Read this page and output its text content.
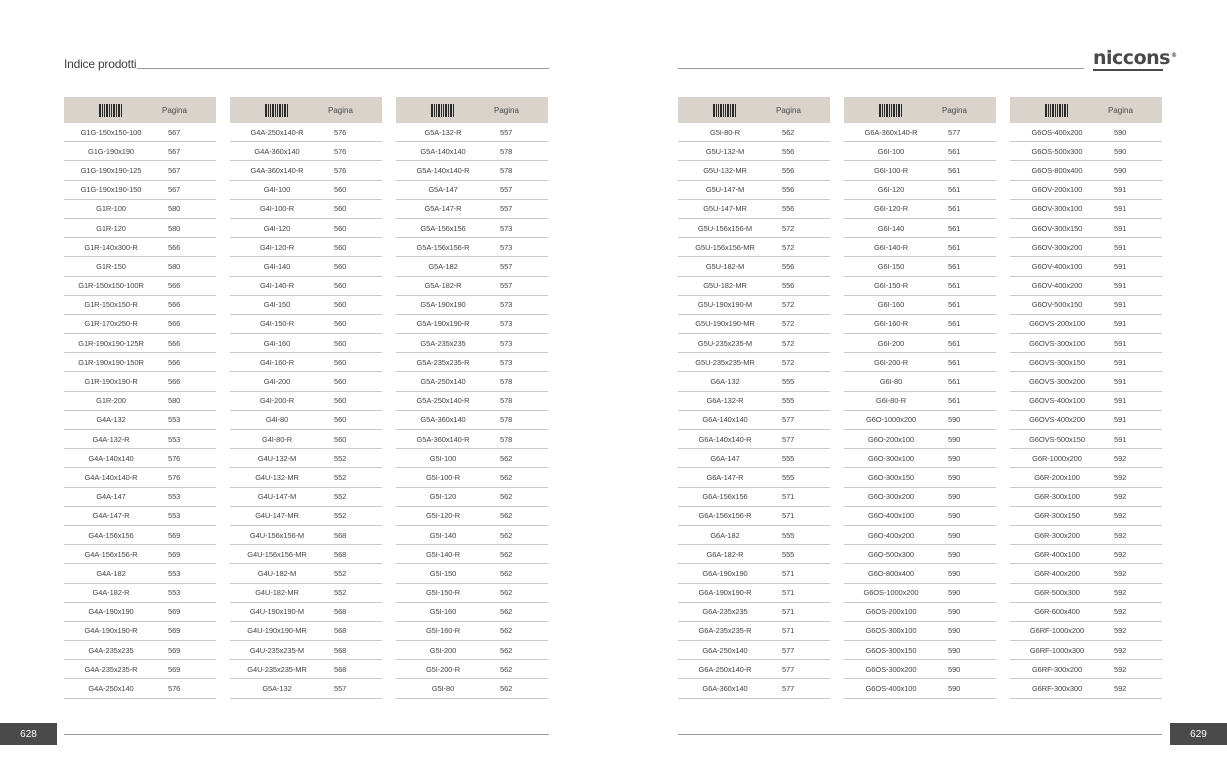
Indice prodotti	niccons®
Pagina
G1G-150x150-100	567
G1G-190x190	567
G1G-190x190-125	567
G1G-190x190-150	567
G1R-100	580
G1R-120	580
G1R-140x300-R	566
G1R-150	580
G1R-150x150-100R	566
G1R-150x150-R	566
G1R-170x250-R	566
G1R-190x190-125R	566
G1R-190x190-150R	566
G1R-190x190-R	566
G1R-200	580
G4A-132	553
G4A-132-R	553
G4A-140x140	576
G4A-140x140-R	576
G4A-147	553
G4A-147-R	553
G4A-156x156	569
G4A-156x156-R	569
G4A-182	553
G4A-182-R	553
G4A-190x190	569
G4A-190x190-R	569
G4A-235x235	569
G4A-235x235-R	569
G4A-250x140	576
Pagina
G4A-250x140-R	576
G4A-360x140	576
G4A-360x140-R	576
G4I-100	560
G4I-100-R	560
G4I-120	560
G4I-120-R	560
G4I-140	560
G4I-140-R	560
G4I-150	560
G4I-150-R	560
G4I-160	560
G4I-160-R	560
G4I-200	560
G4I-200-R	560
G4I-80	560
G4I-80-R	560
G4U-132-M	552
G4U-132-MR	552
G4U-147-M	552
G4U-147-MR	552
G4U-156x156-M	568
G4U-156x156-MR	568
G4U-182-M	552
G4U-182-MR	552
G4U-190x190-M	568
G4U-190x190-MR	568
G4U-235x235-M	568
G4U-235x235-MR	568
G5A-132	557
Pagina
G5A-132-R	557
G5A-140x140	578
G5A-140x140-R	578
G5A-147	557
G5A-147-R	557
G5A-156x156	573
G5A-156x156-R	573
G5A-182	557
G5A-182-R	557
G5A-190x190	573
G5A-190x190-R	573
G5A-235x235	573
G5A-235x235-R	573
G5A-250x140	578
G5A-250x140-R	578
G5A-360x140	578
G5A-360x140-R	578
G5I-100	562
G5I-100-R	562
G5I-120	562
G5I-120-R	562
G5I-140	562
G5I-140-R	562
G5I-150	562
G5I-150-R	562
G5I-160	562
G5I-160-R	562
G5I-200	562
G5I-200-R	562
G5I-80	562
Pagina
G5I-80-R	562
G5U-132-M	556
G5U-132-MR	556
G5U-147-M	556
G5U-147-MR	556
G5U-156x156-M	572
G5U-156x156-MR	572
G5U-182-M	556
G5U-182-MR	556
G5U-190x190-M	572
G5U-190x190-MR	572
G5U-235x235-M	572
G5U-235x235-MR	572
G6A-132	555
G6A-132-R	555
G6A-140x140	577
G6A-140x140-R	577
G6A-147	555
G6A-147-R	555
G6A-156x156	571
G6A-156x156-R	571
G6A-182	555
G6A-182-R	555
G6A-190x190	571
G6A-190x190-R	571
G6A-235x235	571
G6A-235x235-R	571
G6A-250x140	577
G6A-250x140-R	577
G6A-360x140	577
Pagina
G6A-360x140-R	577
G6I-100	561
G6I-100-R	561
G6I-120	561
G6I-120-R	561
G6I-140	561
G6I-140-R	561
G6I-150	561
G6I-150-R	561
G6I-160	561
G6I-160-R	561
G6I-200	561
G6I-200-R	561
G6I-80	561
G6I-80-R	561
G6O-1000x200	590
G6O-200x100	590
G6O-300x100	590
G6O-300x150	590
G6O-300x200	590
G6O-400x100	590
G6O-400x200	590
G6O-500x300	590
G6O-800x400	590
G6OS-1000x200	590
G6OS-200x100	590
G6OS-300x100	590
G6OS-300x150	590
G6OS-300x200	590
G6OS-400x100	590
Pagina
G6OS-400x200	590
G6OS-500x300	590
G6OS-800x400	590
G6OV-200x100	591
G6OV-300x100	591
G6OV-300x150	591
G6OV-300x200	591
G6OV-400x100	591
G6OV-400x200	591
G6OV-500x150	591
G6OVS-200x100	591
G6OVS-300x100	591
G6OVS-300x150	591
G6OVS-300x200	591
G6OVS-400x100	591
G6OVS-400x200	591
G6OVS-500x150	591
G6R-1000x200	592
G6R-200x100	592
G6R-300x100	592
G6R-300x150	592
G6R-300x200	592
G6R-400x100	592
G6R-400x200	592
G6R-500x300	592
G6R-600x400	592
G6RF-1000x200	592
G6RF-1000x300	592
G6RF-300x200	592
G6RF-300x300	592
628	629
